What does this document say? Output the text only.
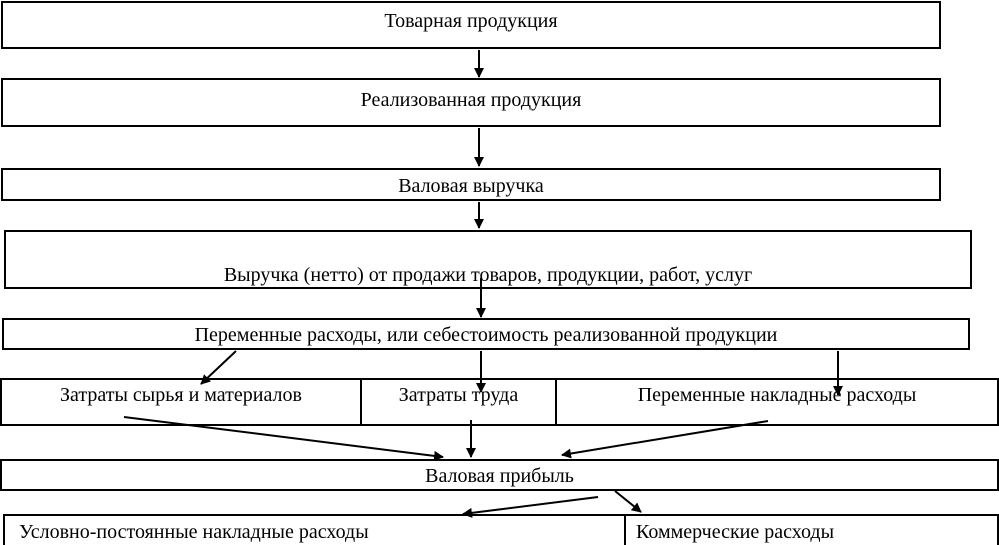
Товарная продукция
Реализованная продукция
Валовая выручка
Выручка (нетто) от продажи товаров, продукции, работ, услуг
Переменные расходы, или себестоимость реализованной продукции
Затраты сырья и материалов	Затраты труда	Переменные накладные расходы
Валовая прибыль
Условно-постоянные накладные расходы	Коммерческие расходы
